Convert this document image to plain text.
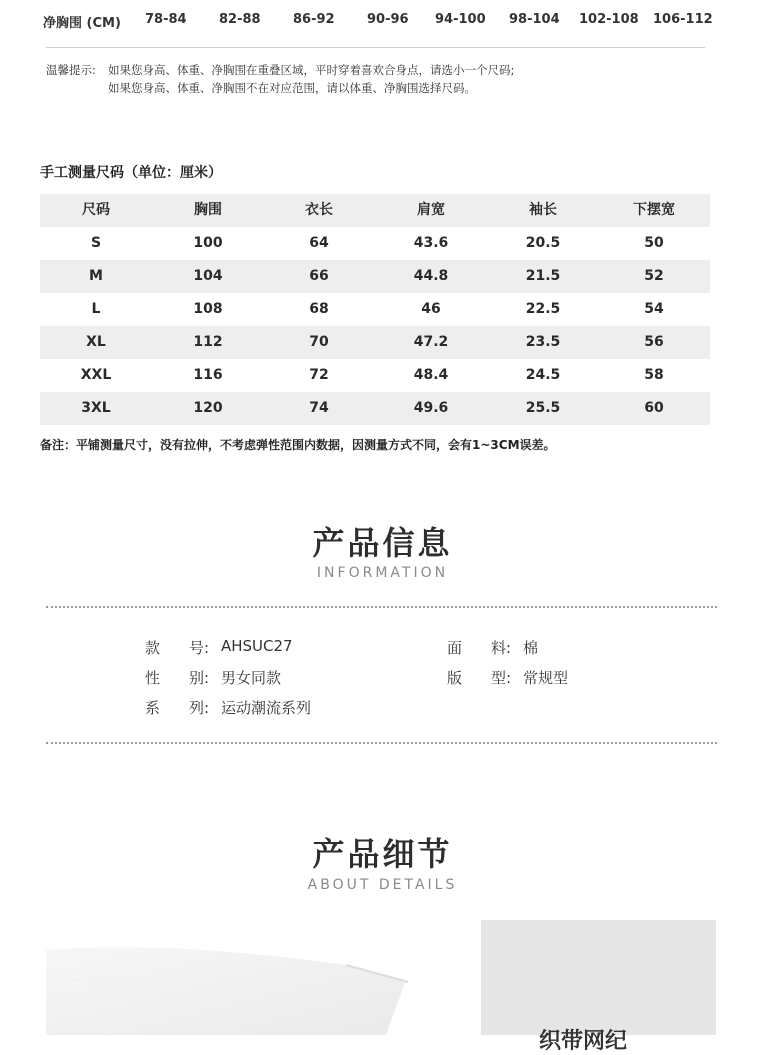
净胸围 (CM) 78-84 82-88 86-92 90-96 94-100 98-104 102-108 106-112
温馨提示: 如果您身高、体重、净胸围在重叠区域，平时穿着喜欢合身点，请选小一个尺码;
如果您身高、体重、净胸围不在对应范围，请以体重、净胸围选择尺码。
手工测量尺码（单位：厘米）
尺码	胸围	衣长	肩宽	袖长	下摆宽
S	100	64	43.6	20.5	50
M	104	66	44.8	21.5	52
L	108	68	46	22.5	54
XL	112	70	47.2	23.5	56
XXL	116	72	48.4	24.5	58
3XL	120	74	49.6	25.5	60
备注：平铺测量尺寸，没有拉伸，不考虑弹性范围内数据，因测量方式不同，会有1~3CM误差。
产品信息
INFORMATION
款 号: AHSUC27	面 料: 棉
性 别: 男女同款	版 型: 常规型
系 列: 运动潮流系列
产品细节
ABOUT DETAILS
织带网纪
